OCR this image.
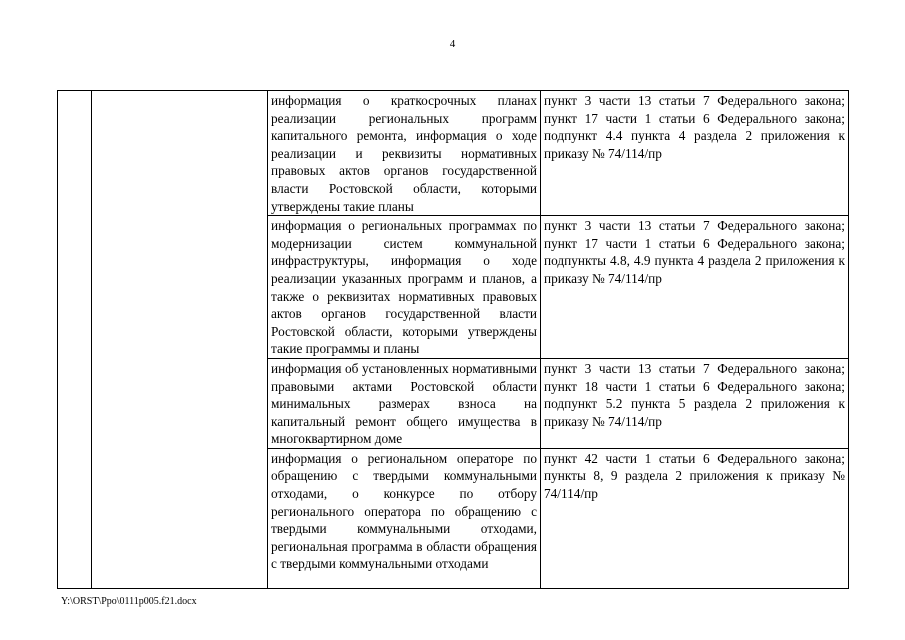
4
		информация о краткосрочных планах реализации региональных программ капитального ремонта, информация о ходе реализации и реквизиты нормативных правовых актов органов государственной власти Ростовской области, которыми утверждены такие планы	пункт 3 части 13 статьи 7 Федерального закона; пункт 17 части 1 статьи 6 Федерального закона; подпункт 4.4 пункта 4 раздела 2 приложения к приказу № 74/114/пр
		информация о региональных программах по модернизации систем коммунальной инфраструктуры, информация о ходе реализации указанных программ и планов, а также о реквизитах нормативных правовых актов органов государственной власти Ростовской области, которыми утверждены такие программы и планы	пункт 3 части 13 статьи 7 Федерального закона; пункт 17 части 1 статьи 6 Федерального закона; подпункты 4.8, 4.9 пункта 4 раздела 2 приложения к приказу № 74/114/пр
		информация об установленных нормативными правовыми актами Ростовской области минимальных размерах взноса на капитальный ремонт общего имущества в многоквартирном доме	пункт 3 части 13 статьи 7 Федерального закона; пункт 18 части 1 статьи 6 Федерального закона; подпункт 5.2 пункта 5 раздела 2 приложения к приказу № 74/114/пр
		информация о региональном операторе по обращению с твердыми коммунальными отходами, о конкурсе по отбору регионального оператора по обращению с твердыми коммунальными отходами, региональная программа в области обращения с твердыми коммунальными отходами	пункт 42 части 1 статьи 6 Федерального закона; пункты 8, 9 раздела 2 приложения к приказу № 74/114/пр
Y:\ORST\Ppo\0111p005.f21.docx
